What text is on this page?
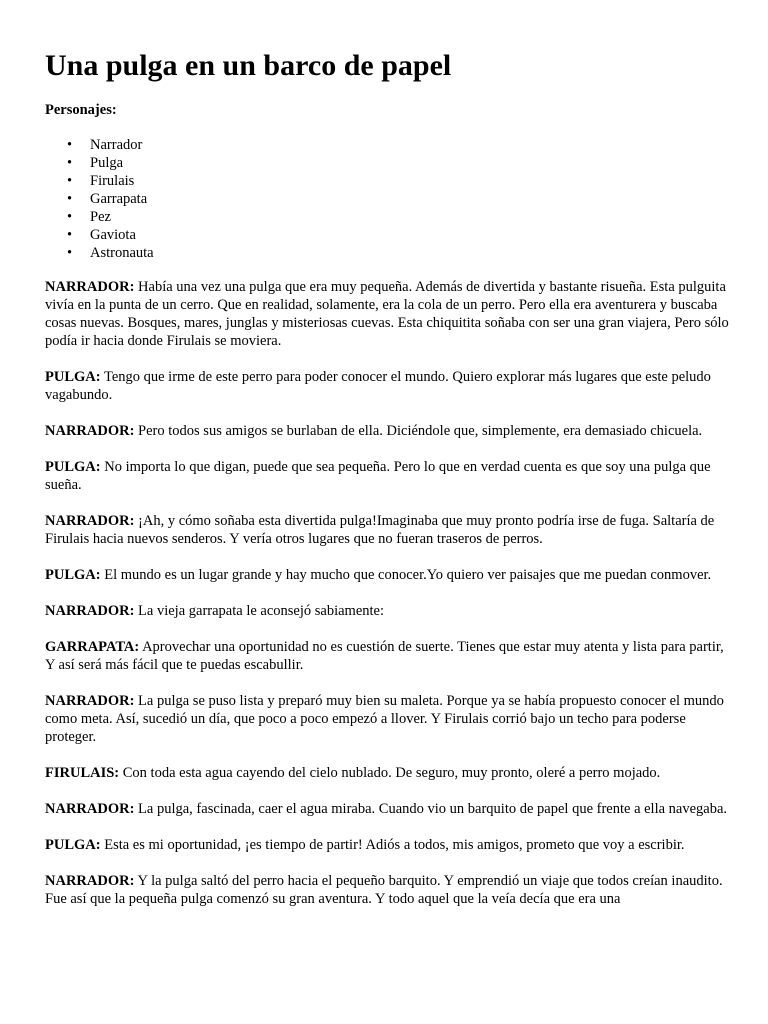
Una pulga en un barco de papel

Personajes:

• Narrador
• Pulga
• Firulais
• Garrapata
• Pez
• Gaviota
• Astronauta

NARRADOR: Había una vez una pulga que era muy pequeña. Además de divertida y bastante risueña. Esta pulguita vivía en la punta de un cerro. Que en realidad, solamente, era la cola de un perro. Pero ella era aventurera y buscaba cosas nuevas. Bosques, mares, junglas y misteriosas cuevas. Esta chiquitita soñaba con ser una gran viajera, Pero sólo podía ir hacia donde Firulais se moviera.

PULGA: Tengo que irme de este perro para poder conocer el mundo. Quiero explorar más lugares que este peludo vagabundo.

NARRADOR: Pero todos sus amigos se burlaban de ella. Diciéndole que, simplemente, era demasiado chicuela.

PULGA: No importa lo que digan, puede que sea pequeña. Pero lo que en verdad cuenta es que soy una pulga que sueña.

NARRADOR: ¡Ah, y cómo soñaba esta divertida pulga!Imaginaba que muy pronto podría irse de fuga. Saltaría de Firulais hacia nuevos senderos. Y vería otros lugares que no fueran traseros de perros.

PULGA: El mundo es un lugar grande y hay mucho que conocer.Yo quiero ver paisajes que me puedan conmover.

NARRADOR: La vieja garrapata le aconsejó sabiamente:

GARRAPATA: Aprovechar una oportunidad no es cuestión de suerte. Tienes que estar muy atenta y lista para partir, Y así será más fácil que te puedas escabullir.

NARRADOR: La pulga se puso lista y preparó muy bien su maleta. Porque ya se había propuesto conocer el mundo como meta. Así, sucedió un día, que poco a poco empezó a llover. Y Firulais corrió bajo un techo para poderse proteger.

FIRULAIS: Con toda esta agua cayendo del cielo nublado. De seguro, muy pronto, oleré a perro mojado.

NARRADOR: La pulga, fascinada, caer el agua miraba. Cuando vio un barquito de papel que frente a ella navegaba.

PULGA: Esta es mi oportunidad, ¡es tiempo de partir! Adiós a todos, mis amigos, prometo que voy a escribir.

NARRADOR: Y la pulga saltó del perro hacia el pequeño barquito. Y emprendió un viaje que todos creían inaudito. Fue así que la pequeña pulga comenzó su gran aventura. Y todo aquel que la veía decía que era una
